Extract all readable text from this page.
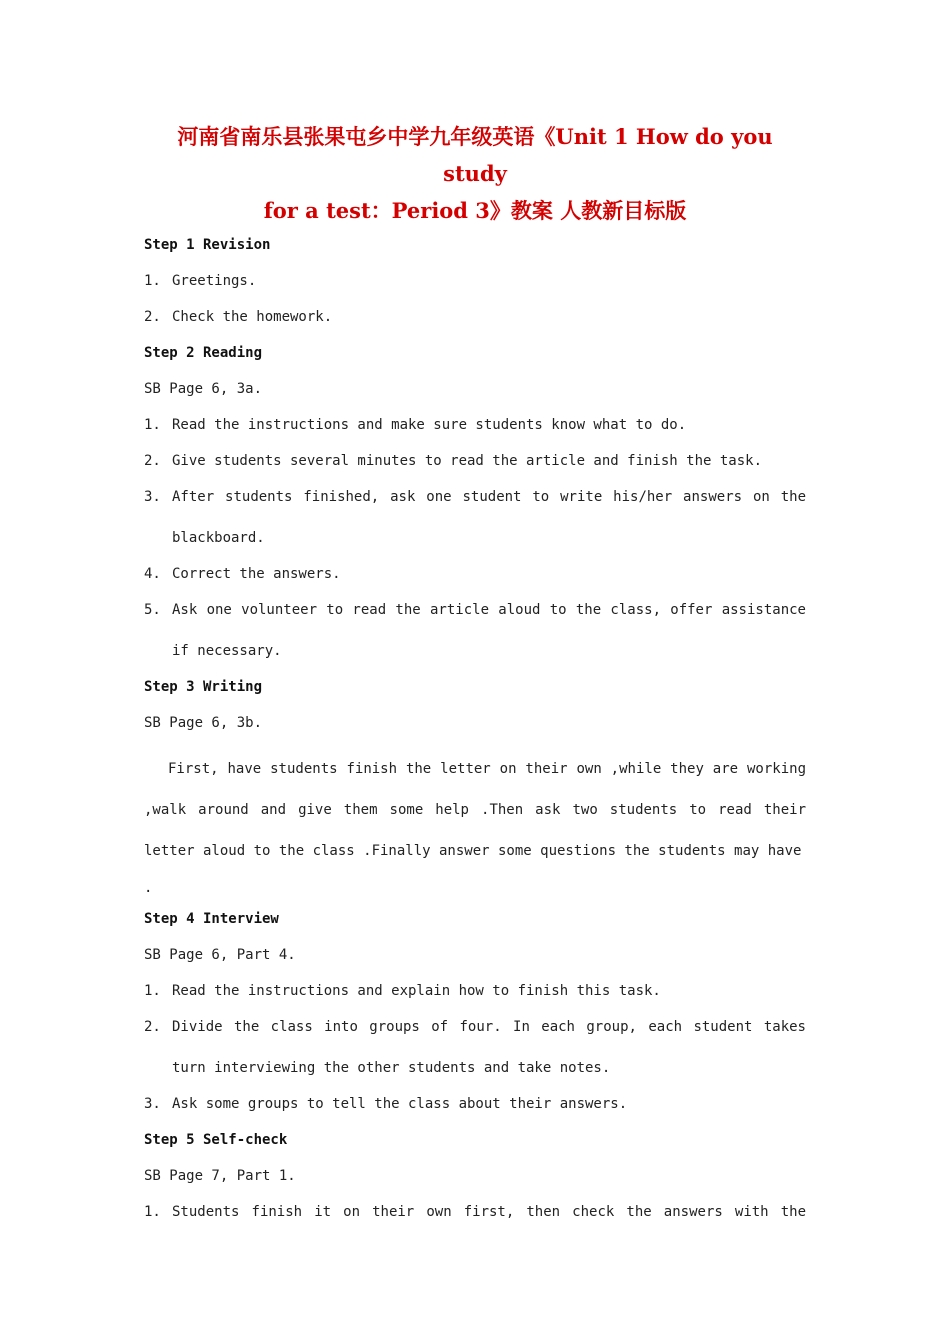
河南省南乐县张果屯乡中学九年级英语《Unit 1 How do you study
for a test：Period 3》教案 人教新目标版
Step 1 Revision
1. Greetings.
2. Check the homework.
Step 2 Reading
SB Page 6, 3a.
1. Read the instructions and make sure students know what to do.
2. Give students several minutes to read the article and finish the task.
3. After students finished, ask one student to write his/her answers on the
blackboard.
4. Correct the answers.
5. Ask one volunteer to read the article aloud to the class, offer assistance
if necessary.
Step 3 Writing
SB Page 6, 3b.
First, have students finish the letter on their own ,while they are working ,walk around and give them some help .Then ask two students to read their letter aloud to the class .Finally answer some questions the students may have
.
Step 4 Interview
SB Page 6, Part 4.
1. Read the instructions and explain how to finish this task.
2. Divide the class into groups of four. In each group, each student takes
turn interviewing the other students and take notes.
3. Ask some groups to tell the class about their answers.
Step 5 Self-check
SB Page 7, Part 1.
1. Students finish it on their own first, then check the answers with the
